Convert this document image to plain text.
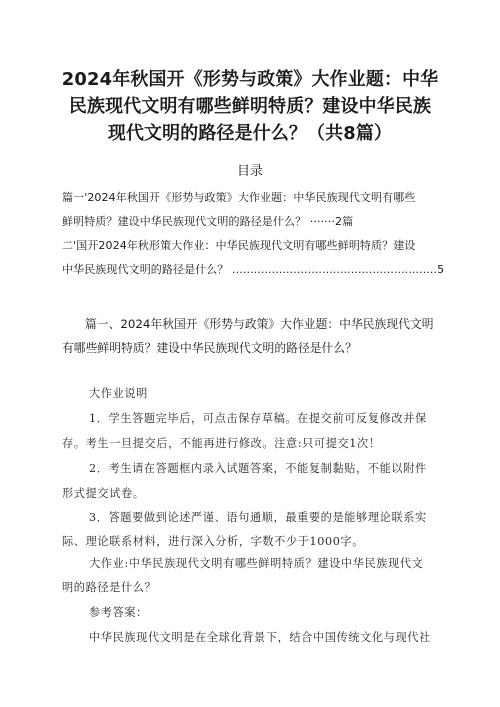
2024年秋国开《形势与政策》大作业题：中华
民族现代文明有哪些鲜明特质？建设中华民族
现代文明的路径是什么？（共8篇）
目录
篇一'2024年秋国开《形势与政策》大作业题：中华民族现代文明有哪些
鲜明特质？建设中华民族现代文明的路径是什么？ ·······2篇
二'国开2024年秋形策大作业：中华民族现代文明有哪些鲜明特质？建设
中华民族现代文明的路径是什么？ .........................................................5
篇一、2024年秋国开《形势与政策》大作业题：中华民族现代文明
有哪些鲜明特质？建设中华民族现代文明的路径是什么？
大作业说明
1．学生答题完毕后，可点击保存草稿。在提交前可反复修改并保
存。考生一旦提交后，不能再进行修改。注意:只可提交1次！
2．考生请在答题框内录入试题答案，不能复制黏贴，不能以附件
形式提交试卷。
3．答题要做到论述严谨、语句通顺，最重要的是能够理论联系实
际、理论联系材料，进行深入分析，字数不少于1000字。
大作业:中华民族现代文明有哪些鲜明特质？建设中华民族现代文
明的路径是什么？
参考答案：
中华民族现代文明是在全球化背景下，结合中国传统文化与现代社
